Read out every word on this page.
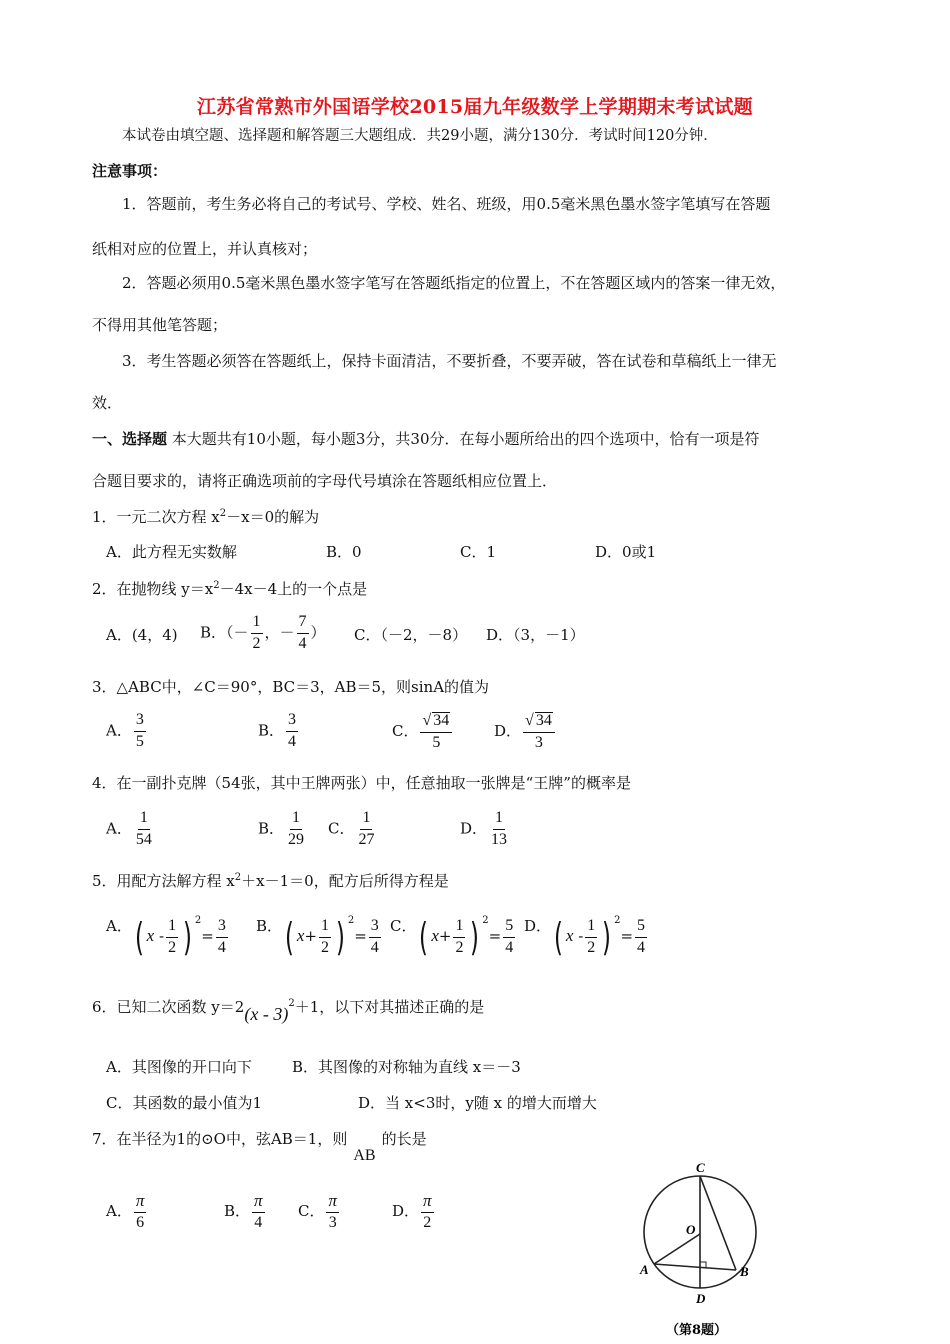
江苏省常熟市外国语学校2015届九年级数学上学期期末考试试题
本试卷由填空题、选择题和解答题三大题组成．共29小题，满分130分．考试时间120分钟．
注意事项：
1．答题前，考生务必将自己的考试号、学校、姓名、班级，用0.5毫米黑色墨水签字笔填写在答题
纸相对应的位置上，并认真核对；
2．答题必须用0.5毫米黑色墨水签字笔写在答题纸指定的位置上，不在答题区域内的答案一律无效，
不得用其他笔答题；
3．考生答题必须答在答题纸上，保持卡面清洁，不要折叠，不要弄破，答在试卷和草稿纸上一律无
效．
一、选择题 本大题共有10小题，每小题3分，共30分．在每小题所给出的四个选项中，恰有一项是符
合题目要求的，请将正确选项前的字母代号填涂在答题纸相应位置上．
1．一元二次方程 $x^2-x=0$的解为
A．此方程无实数解	B．0	C．1	D．0或1
2．在抛物线 $y=x^2-4x-4$上的一个点是
A．(4，4) B．（－ $\frac{1}{2}$ ，－ $\frac{7}{4}$ ） C．（－2，－8） D．（3，－1）
3．△ABC中，∠C＝90°，BC＝3，AB＝5，则sinA的值为
A． $\frac{3}{5}$	B． $\frac{3}{4}$	C． $\frac{√ 34}{5}$	D． $\frac{√ 34}{3}$
4．在一副扑克牌（54张，其中王牌两张）中，任意抽取一张牌是“王牌”的概率是
A． $\frac{1}{54}$	B． $\frac{1}{29}$ C． $\frac{1}{27}$	D． $\frac{1}{13}$
5．用配方法解方程 $x^2+x-1=0$，配方后所得方程是
A．( x - $\frac{1}{2}$ ) $^2= \frac{3}{4}$ B．( $x+ \frac{1}{2}$ ) $^2= \frac{3}{4}$ C．( $x+ \frac{1}{2}$ ) $^2= \frac{5}{4}$ D．( x - $\frac{1}{2}$ ) $^2= \frac{5}{4}$
6．已知二次函数 y＝2(x - 3)$^2$＋1，以下对其描述正确的是
A．其图像的开口向下	B．其图像的对称轴为直线 x＝－3
C．其函数的最小值为1	D．当 x<3时，y随 x 的增大而增大
7．在半径为1的⊙O中，弦AB＝1，则AB的长是
A． $\frac{\pi}{6}$	B． $\frac{\pi}{4}$ C． $\frac{\pi}{3}$	D． $\frac{\pi}{2}$
C
O
A	B
D
（第8题）
